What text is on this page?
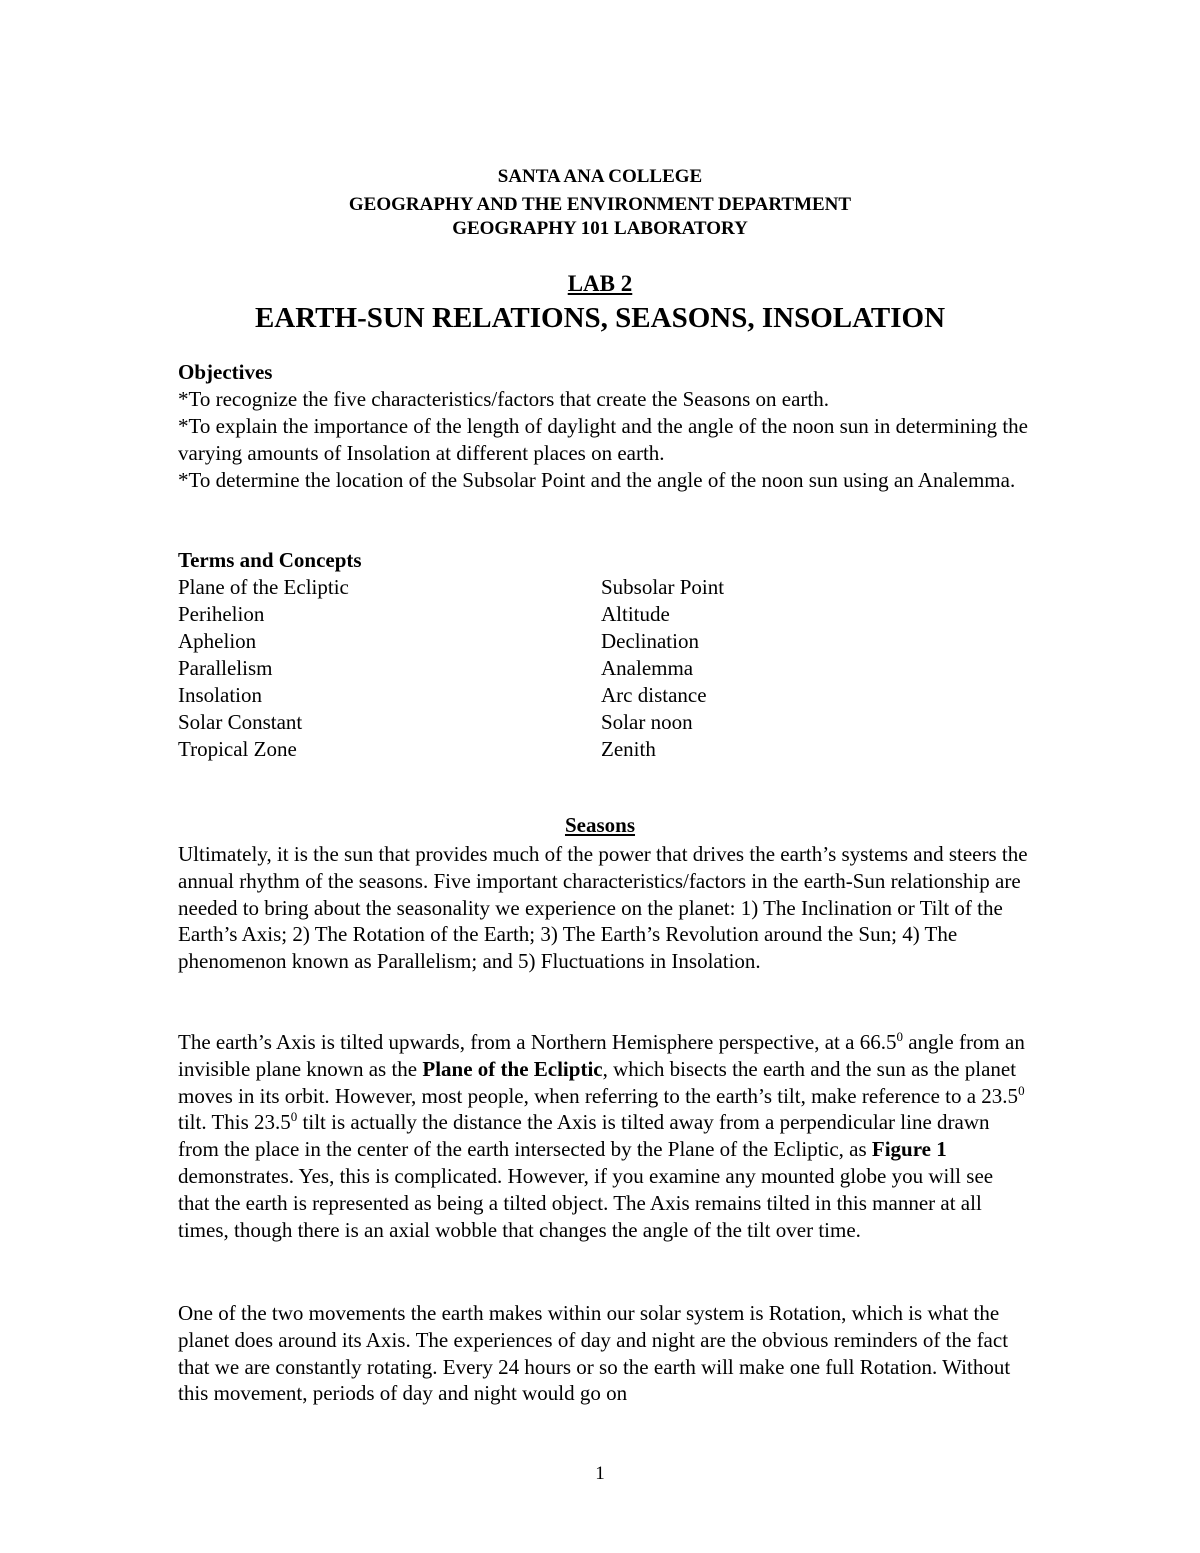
SANTA ANA COLLEGE
GEOGRAPHY AND THE ENVIRONMENT DEPARTMENT
GEOGRAPHY 101 LABORATORY
LAB 2
EARTH-SUN RELATIONS, SEASONS, INSOLATION
Objectives
*To recognize the five characteristics/factors that create the Seasons on earth.
*To explain the importance of the length of daylight and the angle of the noon sun in determining the varying amounts of Insolation at different places on earth.
*To determine the location of the Subsolar Point and the angle of the noon sun using an Analemma.
Terms and Concepts
Plane of the Ecliptic
Perihelion
Aphelion
Parallelism
Insolation
Solar Constant
Tropical Zone
Subsolar Point
Altitude
Declination
Analemma
Arc distance
Solar noon
Zenith
Seasons
Ultimately, it is the sun that provides much of the power that drives the earth’s systems and steers the annual rhythm of the seasons. Five important characteristics/factors in the earth-Sun relationship are needed to bring about the seasonality we experience on the planet: 1) The Inclination or Tilt of the Earth’s Axis; 2) The Rotation of the Earth; 3) The Earth’s Revolution around the Sun; 4) The phenomenon known as Parallelism; and 5) Fluctuations in Insolation.
The earth’s Axis is tilted upwards, from a Northern Hemisphere perspective, at a 66.5$^0$ angle from an invisible plane known as the Plane of the Ecliptic, which bisects the earth and the sun as the planet moves in its orbit. However, most people, when referring to the earth’s tilt, make reference to a 23.5$^0$ tilt. This 23.5$^0$ tilt is actually the distance the Axis is tilted away from a perpendicular line drawn from the place in the center of the earth intersected by the Plane of the Ecliptic, as Figure 1 demonstrates. Yes, this is complicated. However, if you examine any mounted globe you will see that the earth is represented as being a tilted object. The Axis remains tilted in this manner at all times, though there is an axial wobble that changes the angle of the tilt over time.
One of the two movements the earth makes within our solar system is Rotation, which is what the planet does around its Axis. The experiences of day and night are the obvious reminders of the fact that we are constantly rotating. Every 24 hours or so the earth will make one full Rotation. Without this movement, periods of day and night would go on
1
